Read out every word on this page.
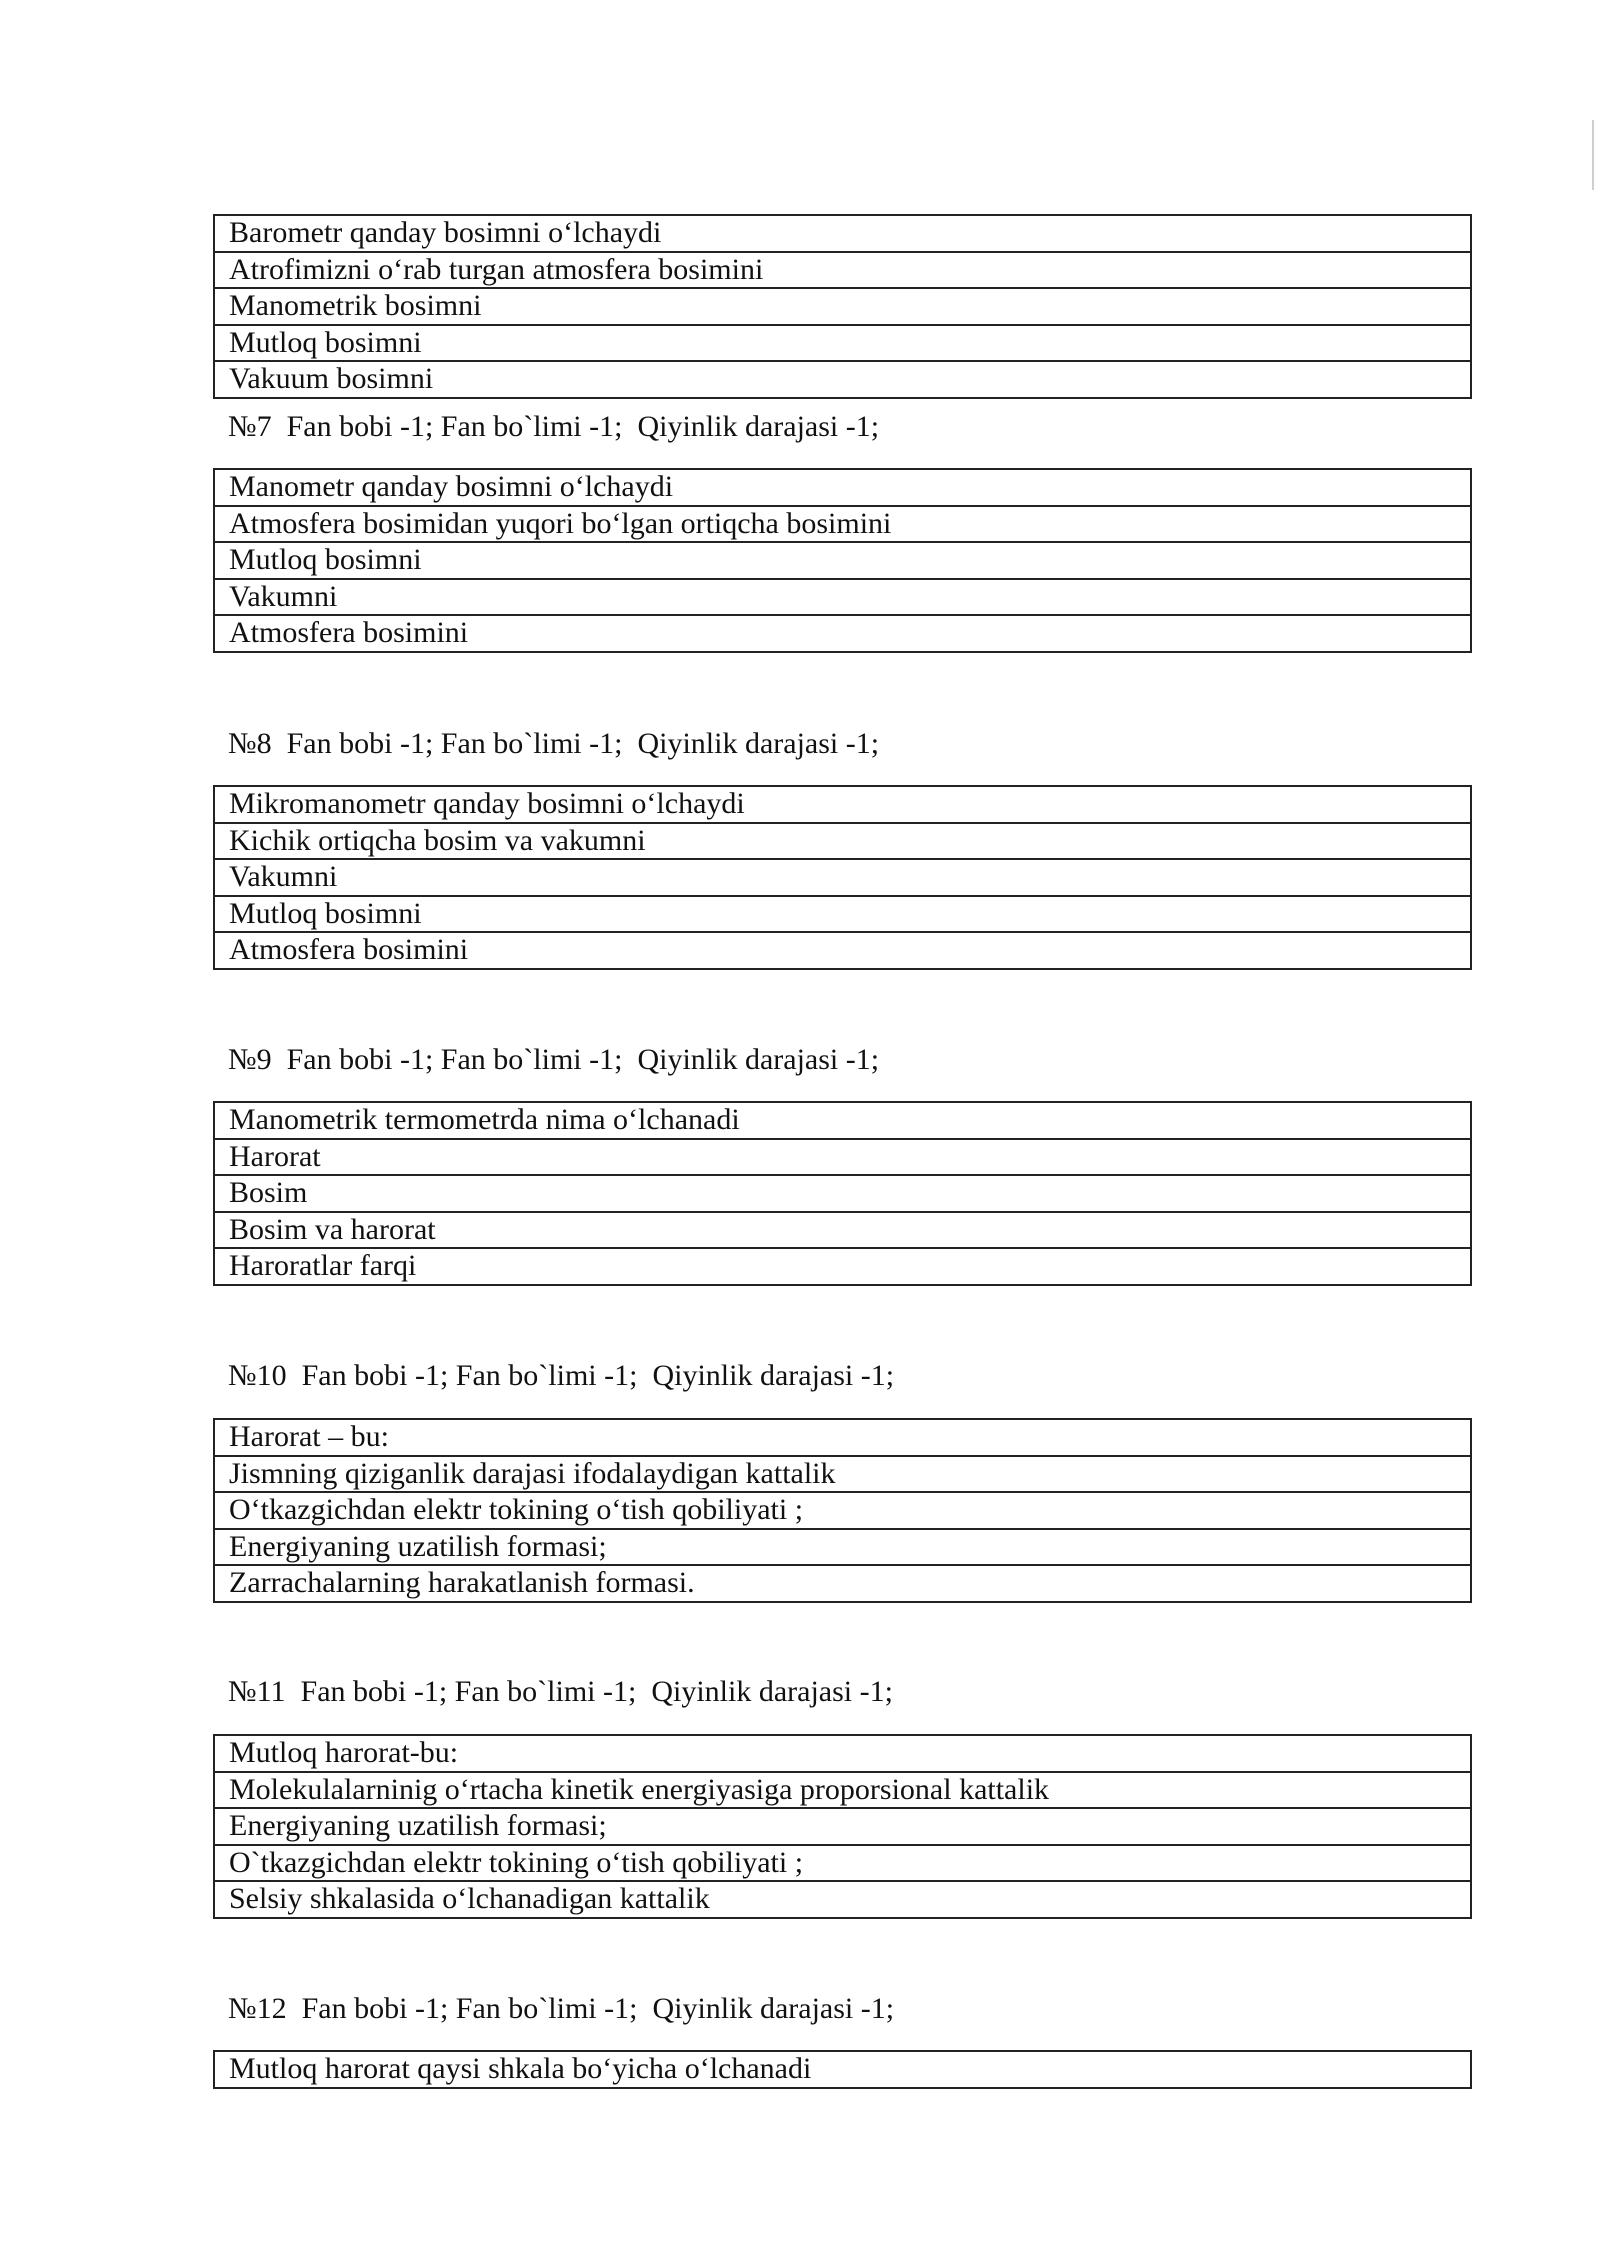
Barometr qanday bosimni o‘lchaydi
Atrofimizni o‘rab turgan atmosfera bosimini
Manometrik bosimni
Mutloq bosimni
Vakuum bosimni
№7  Fan bobi -1; Fan bo`limi -1;  Qiyinlik darajasi -1;
Manometr qanday bosimni o‘lchaydi
Atmosfera bosimidan yuqori bo‘lgan ortiqcha bosimini
Mutloq bosimni
Vakumni
Atmosfera bosimini
№8  Fan bobi -1; Fan bo`limi -1;  Qiyinlik darajasi -1;
Mikromanometr qanday bosimni o‘lchaydi
Kichik ortiqcha bosim va vakumni
Vakumni
Mutloq bosimni
Atmosfera bosimini
№9  Fan bobi -1; Fan bo`limi -1;  Qiyinlik darajasi -1;
Manometrik termometrda nima o‘lchanadi
Harorat
Bosim
Bosim va harorat
Haroratlar farqi
№10  Fan bobi -1; Fan bo`limi -1;  Qiyinlik darajasi -1;
Harorat – bu:
Jismning qiziganlik darajasi ifodalaydigan kattalik
O‘tkazgichdan elektr tokining o‘tish qobiliyati ;
Energiyaning uzatilish formasi;
Zarrachalarning harakatlanish formasi.
№11  Fan bobi -1; Fan bo`limi -1;  Qiyinlik darajasi -1;
Mutloq harorat-bu:
Molekulalarninig o‘rtacha kinetik energiyasiga proporsional kattalik
Energiyaning uzatilish formasi;
O`tkazgichdan elektr tokining o‘tish qobiliyati ;
Selsiy shkalasida o‘lchanadigan kattalik
№12  Fan bobi -1; Fan bo`limi -1;  Qiyinlik darajasi -1;
Mutloq harorat qaysi shkala bo‘yicha o‘lchanadi
